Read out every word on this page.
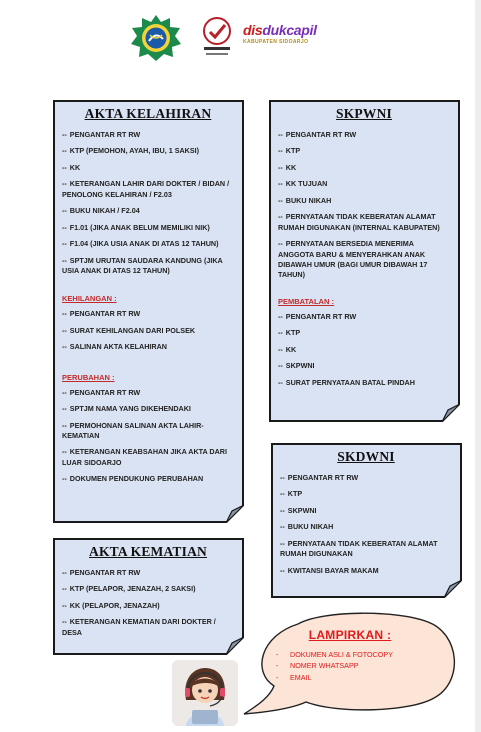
disdukcapil
KABUPATEN SIDOARJO
AKTA KELAHIRAN
-- PENGANTAR RT RW
-- KTP (PEMOHON, AYAH, IBU, 1 SAKSI)
-- KK
-- KETERANGAN LAHIR DARI DOKTER / BIDAN / PENOLONG KELAHIRAN / F2.03
-- BUKU NIKAH / F2.04
-- F1.01 (JIKA ANAK BELUM MEMILIKI NIK)
-- F1.04 (JIKA USIA ANAK DI ATAS 12 TAHUN)
-- SPTJM URUTAN SAUDARA KANDUNG (JIKA USIA ANAK DI ATAS 12 TAHUN)
KEHILANGAN :
-- PENGANTAR RT RW
-- SURAT KEHILANGAN DARI POLSEK
-- SALINAN AKTA KELAHIRAN
PERUBAHAN :
-- PENGANTAR RT RW
-- SPTJM NAMA YANG DIKEHENDAKI
-- PERMOHONAN SALINAN AKTA LAHIR-KEMATIAN
-- KETERANGAN KEABSAHAN JIKA AKTA DARI LUAR SIDOARJO
-- DOKUMEN PENDUKUNG PERUBAHAN
SKPWNI
-- PENGANTAR RT RW
-- KTP
-- KK
-- KK TUJUAN
-- BUKU NIKAH
-- PERNYATAAN TIDAK KEBERATAN ALAMAT RUMAH DIGUNAKAN (INTERNAL KABUPATEN)
-- PERNYATAAN BERSEDIA MENERIMA ANGGOTA BARU & MENYERAHKAN ANAK DIBAWAH UMUR (BAGI UMUR DIBAWAH 17 TAHUN)
PEMBATALAN :
-- PENGANTAR RT RW
-- KTP
-- KK
-- SKPWNI
-- SURAT PERNYATAAN BATAL PINDAH
SKDWNI
-- PENGANTAR RT RW
-- KTP
-- SKPWNI
-- BUKU NIKAH
-- PERNYATAAN TIDAK KEBERATAN ALAMAT RUMAH DIGUNAKAN
-- KWITANSI BAYAR MAKAM
AKTA KEMATIAN
-- PENGANTAR RT RW
-- KTP (PELAPOR, JENAZAH, 2 SAKSI)
-- KK (PELAPOR, JENAZAH)
-- KETERANGAN KEMATIAN DARI DOKTER / DESA	LAMPIRKAN :
- DOKUMEN ASLI & FOTOCOPY
- NOMER WHATSAPP
- EMAIL
